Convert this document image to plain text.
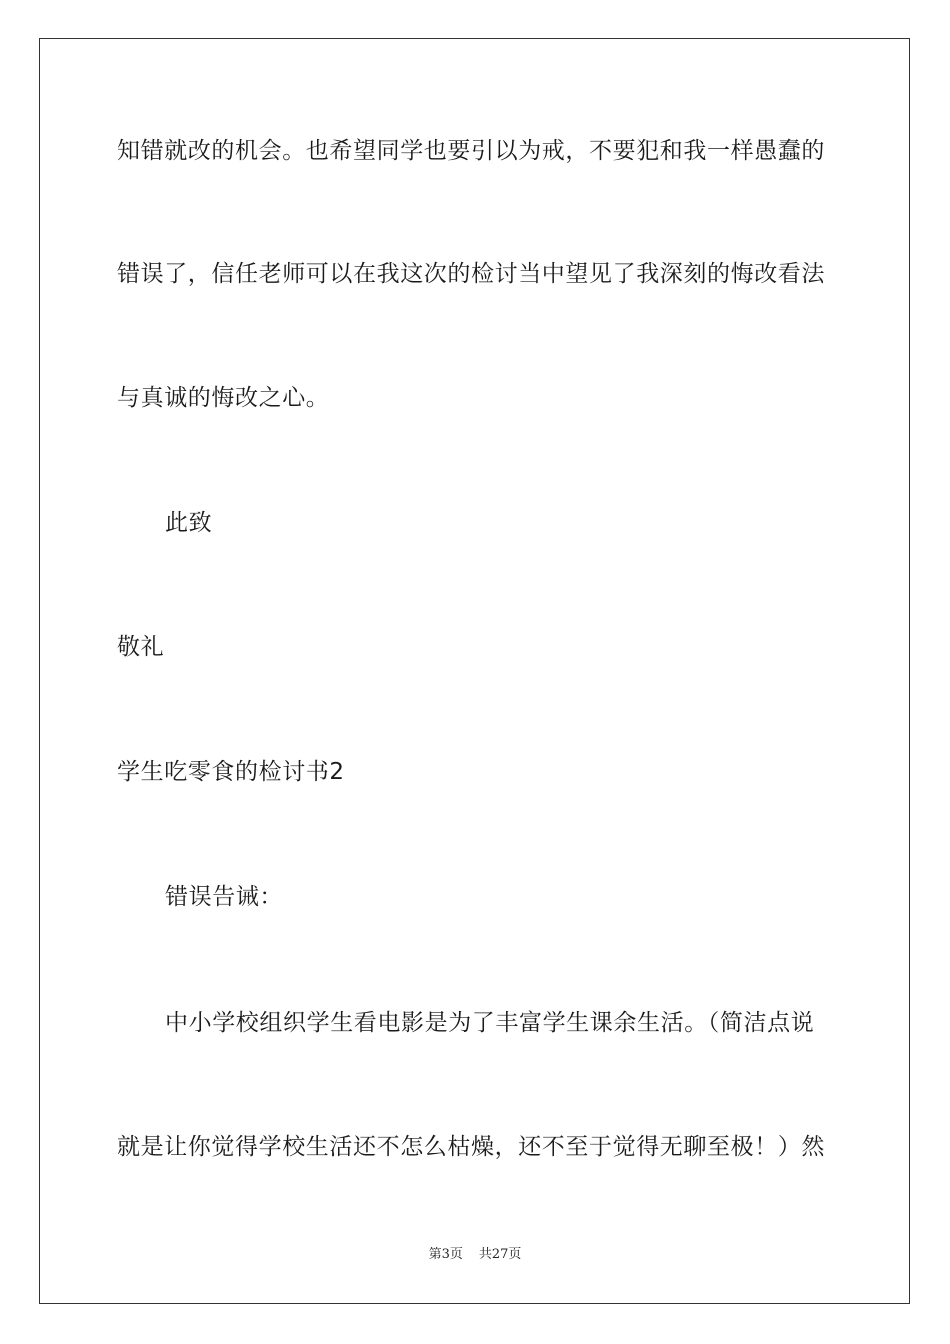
知错就改的机会。也希望同学也要引以为戒，不要犯和我一样愚蠢的
错误了，信任老师可以在我这次的检讨当中望见了我深刻的悔改看法
与真诚的悔改之心。
此致
敬礼
学生吃零食的检讨书2
错误告诫：
中小学校组织学生看电影是为了丰富学生课余生活。（简洁点说
就是让你觉得学校生活还不怎么枯燥，还不至于觉得无聊至极！）然
第3页 共27页
